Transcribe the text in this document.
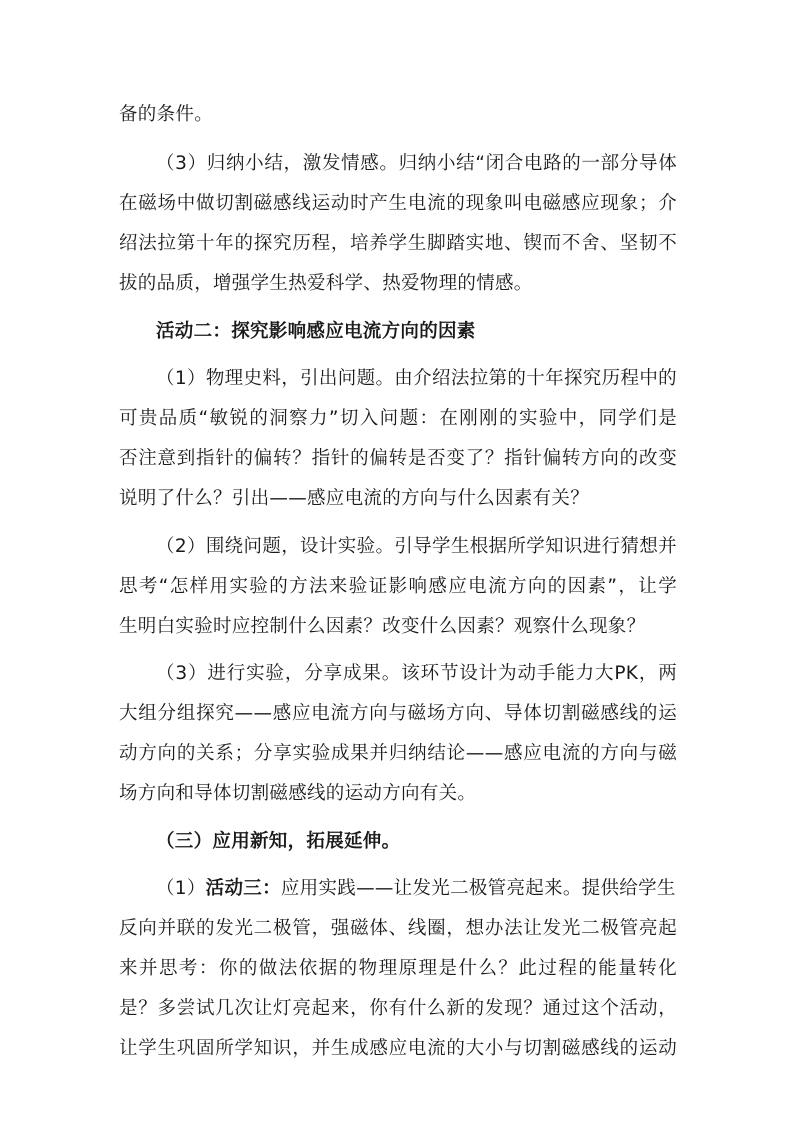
备的条件。
（3）归纳小结，激发情感。归纳小结“闭合电路的一部分导体
在磁场中做切割磁感线运动时产生电流的现象叫电磁感应现象；介
绍法拉第十年的探究历程，培养学生脚踏实地、锲而不舍、坚韧不
拔的品质，增强学生热爱科学、热爱物理的情感。
活动二：探究影响感应电流方向的因素
（1）物理史料，引出问题。由介绍法拉第的十年探究历程中的
可贵品质“敏锐的洞察力”切入问题：在刚刚的实验中，同学们是
否注意到指针的偏转？指针的偏转是否变了？指针偏转方向的改变
说明了什么？引出——感应电流的方向与什么因素有关？
（2）围绕问题，设计实验。引导学生根据所学知识进行猜想并
思考“怎样用实验的方法来验证影响感应电流方向的因素”，让学
生明白实验时应控制什么因素？改变什么因素？观察什么现象？
（3）进行实验，分享成果。该环节设计为动手能力大PK，两
大组分组探究——感应电流方向与磁场方向、导体切割磁感线的运
动方向的关系；分享实验成果并归纳结论——感应电流的方向与磁
场方向和导体切割磁感线的运动方向有关。
（三）应用新知，拓展延伸。
（1）活动三：应用实践——让发光二极管亮起来。提供给学生
反向并联的发光二极管，强磁体、线圈，想办法让发光二极管亮起
来并思考：你的做法依据的物理原理是什么？此过程的能量转化
是？多尝试几次让灯亮起来，你有什么新的发现？通过这个活动，
让学生巩固所学知识，并生成感应电流的大小与切割磁感线的运动
